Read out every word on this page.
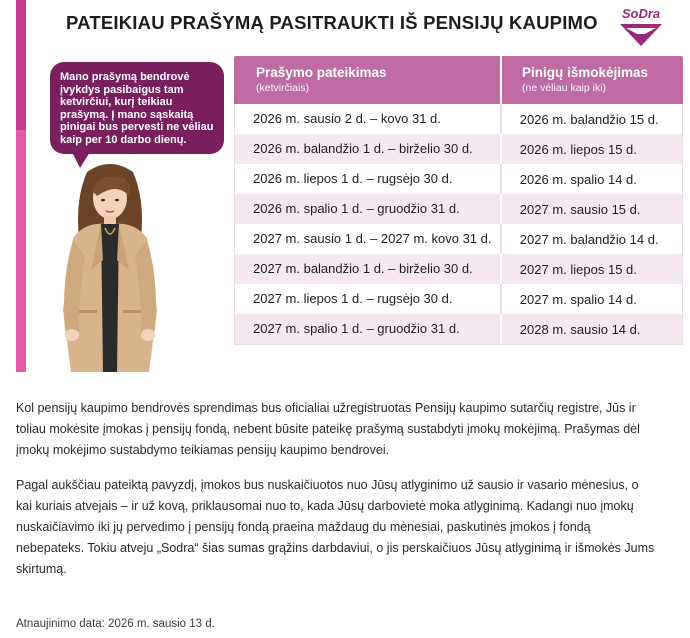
PATEIKIAU PRAŠYMĄ PASITRAUKTI IŠ PENSIJŲ KAUPIMO	SoDra
Mano prašymą bendrovė įvykdys pasibaigus tam ketvirčiui, kurį teikiau prašymą. Į mano sąskaitą pinigai bus pervesti ne vėliau kaip per 10 darbo dienų.
Prašymo pateikimas
(ketvirčiais)
Pinigų išmokėjimas
(ne vėliau kaip iki)
2026 m. sausio 2 d. – kovo 31 d.	2026 m. balandžio 15 d.
2026 m. balandžio 1 d. – birželio 30 d.	2026 m. liepos 15 d.
2026 m. liepos 1 d. – rugsėjo 30 d.	2026 m. spalio 14 d.
2026 m. spalio 1 d. – gruodžio 31 d.	2027 m. sausio 15 d.
2027 m. sausio 1 d. – 2027 m. kovo 31 d.	2027 m. balandžio 14 d.
2027 m. balandžio 1 d. – birželio 30 d.	2027 m. liepos 15 d.
2027 m. liepos 1 d. – rugsėjo 30 d.	2027 m. spalio 14 d.
2027 m. spalio 1 d. – gruodžio 31 d.	2028 m. sausio 14 d.

Kol pensijų kaupimo bendrovės sprendimas bus oficialiai užregistruotas Pensijų kaupimo sutarčių registre, Jūs ir toliau mokėsite įmokas į pensijų fondą, nebent būsite pateikę prašymą sustabdyti įmokų mokėjimą. Prašymas dėl įmokų mokėjimo sustabdymo teikiamas pensijų kaupimo bendrovei.

Pagal aukščiau pateiktą pavyzdį, įmokos bus nuskaičiuotos nuo Jūsų atlyginimo už sausio ir vasario mėnesius, o kai kuriais atvejais – ir už kovą, priklausomai nuo to, kada Jūsų darbovietė moka atlyginimą. Kadangi nuo įmokų nuskaičiavimo iki jų pervedimo į pensijų fondą praeina maždaug du mėnesiai, paskutinės įmokos į fondą nebepateks. Tokiu atveju „Sodra“ šias sumas grąžins darbdaviui, o jis perskaičiuos Jūsų atlyginimą ir išmokės Jums skirtumą.

Atnaujinimo data: 2026 m. sausio 13 d.
